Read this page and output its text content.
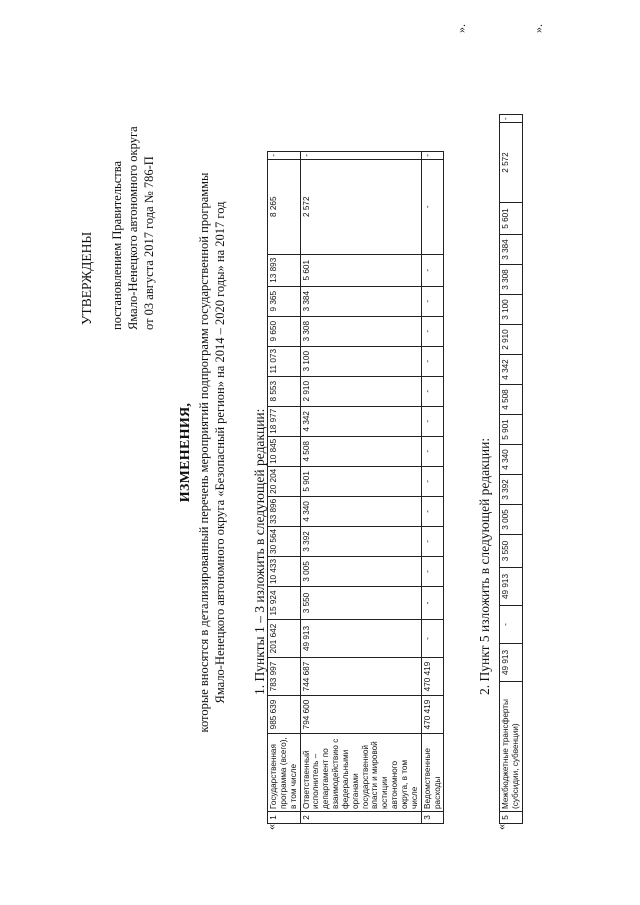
УТВЕРЖДЕНЫ постановлением Правительства Ямало-Ненецкого автономного округа от 03 августа 2017 года № 786-П
ИЗМЕНЕНИЯ, которые вносятся в детализированный перечень мероприятий подпрограмм государственной программы Ямало-Ненецкого автономного округа «Безопасный регион» на 2014 – 2020 годы» на 2017 год 1. Пункты 1 – 3 изложить в следующей редакции:
«
1	Государственная программа (всего), в том числе	985 639	783 997	201 642	15 924	10 433	30 564	33 896	20 204	10 845	18 977	8 553	11 073	9 650	9 365	13 893	8 265	-
2	Ответственный исполнитель – департамент по взаимодействию с федеральными органами государственной власти и мировой юстиции автономного округа, в том числе	794 600	744 687	49 913	3 550	3 005	3 392	4 340	5 901	4 508	4 342	2 910	3 100	3 308	3 384	5 601	2 572	-
3	Ведомственные расходы	470 419	470 419	-	-	-	-	-	-	-	-	-	-	-	-	-	-	-
».
2. Пункт 5 изложить в следующей редакции:
«
5	Межбюджетные трансферты (субсидии, субвенции)	49 913	-	49 913	3 550	3 005	3 392	4 340	5 901	4 508	4 342	2 910	3 100	3 308	3 384	5 601	2 572	-
».
